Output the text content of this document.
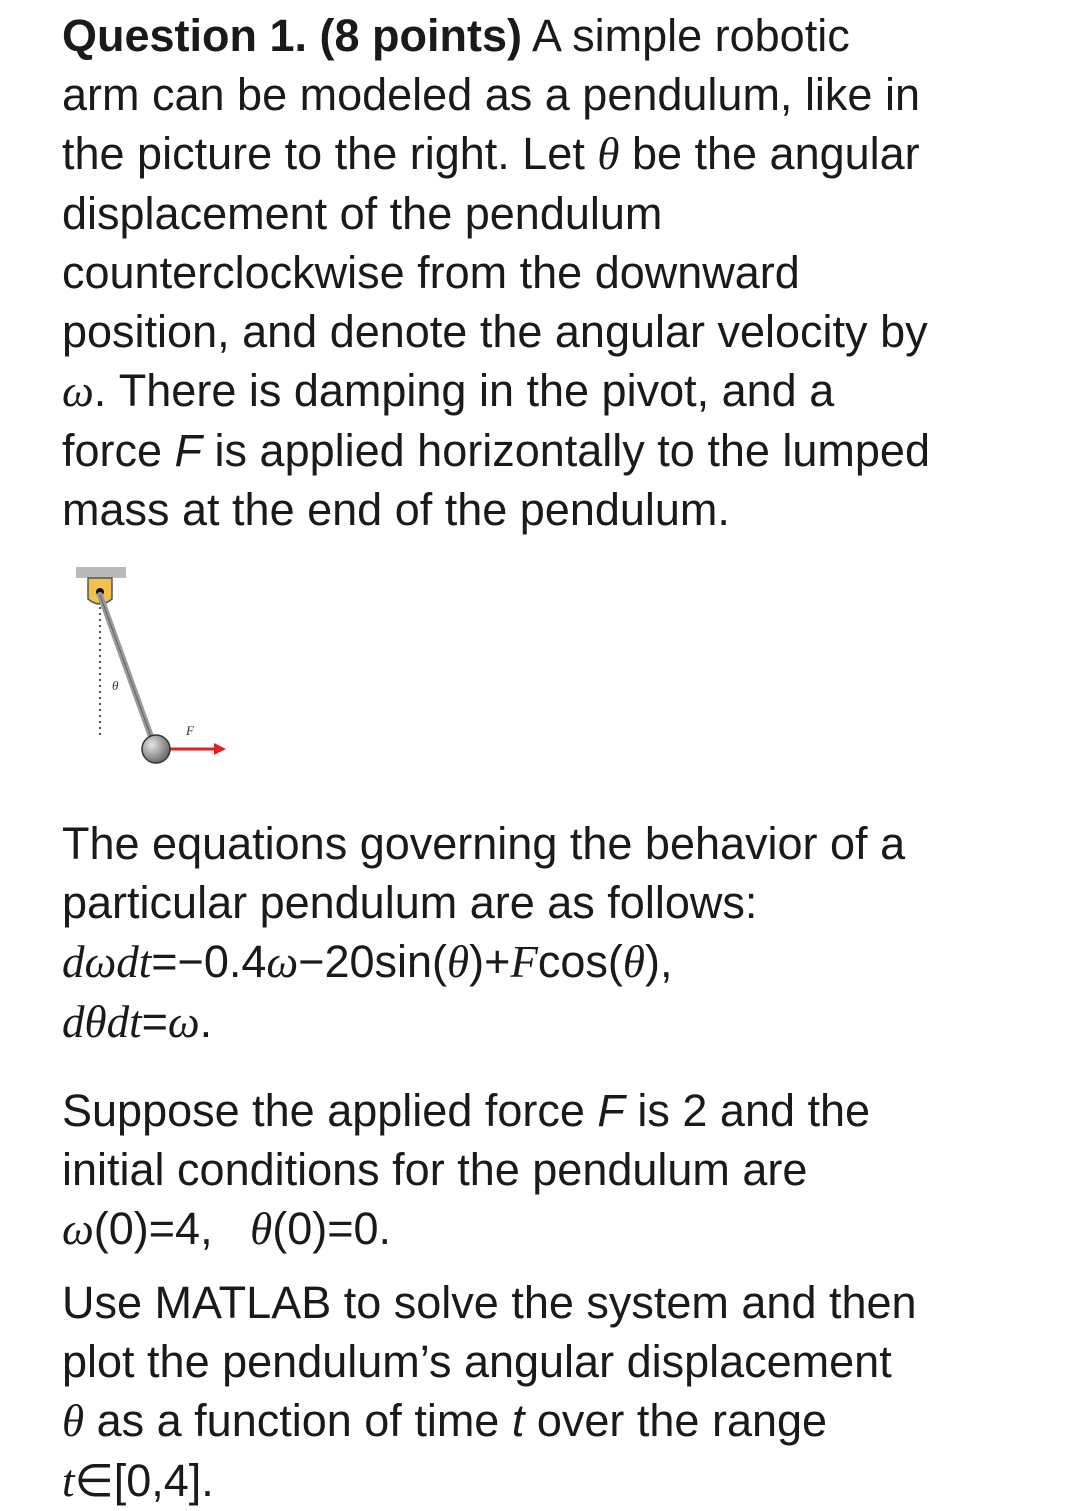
Question 1. (8 points) A simple robotic
arm can be modeled as a pendulum, like in
the picture to the right. Let θ be the angular
displacement of the pendulum
counterclockwise from the downward
position, and denote the angular velocity by
ω. There is damping in the pivot, and a
force F is applied horizontally to the lumped
mass at the end of the pendulum.

θ
F

The equations governing the behavior of a
particular pendulum are as follows:
dωdt=−0.4ω−20sin(θ)+Fcos(θ),
dθdt=ω.

Suppose the applied force F is 2 and the
initial conditions for the pendulum are
ω(0)=4,   θ(0)=0.

Use MATLAB to solve the system and then
plot the pendulum’s angular displacement
θ as a function of time t over the range
t∈[0,4].
